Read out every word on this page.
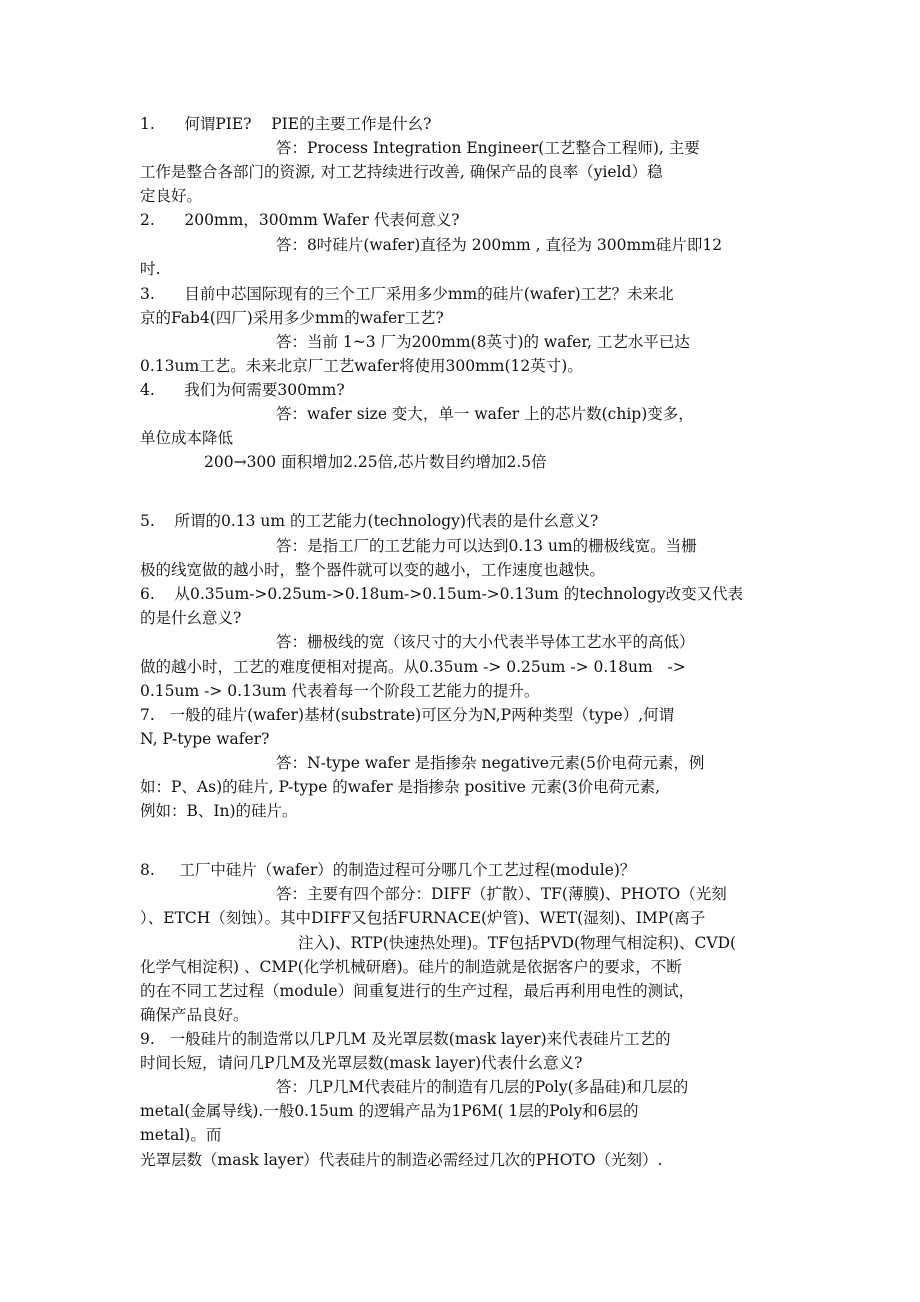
1.      何谓PIE?    PIE的主要工作是什幺?
答：Process Integration Engineer(工艺整合工程师), 主要
工作是整合各部门的资源, 对工艺持续进行改善, 确保产品的良率（yield）稳
定良好。
2.      200mm，300mm Wafer 代表何意义?
答：8吋硅片(wafer)直径为 200mm , 直径为 300mm硅片即12
吋.
3.      目前中芯国际现有的三个工厂采用多少mm的硅片(wafer)工艺？未来北
京的Fab4(四厂)采用多少mm的wafer工艺?
答：当前 1~3 厂为200mm(8英寸)的 wafer, 工艺水平已达
0.13um工艺。未来北京厂工艺wafer将使用300mm(12英寸)。
4.      我们为何需要300mm?
答：wafer size 变大，单一 wafer 上的芯片数(chip)变多，
单位成本降低
200→300 面积增加2.25倍,芯片数目约增加2.5倍
5.    所谓的0.13 um 的工艺能力(technology)代表的是什幺意义?
答：是指工厂的工艺能力可以达到0.13 um的栅极线宽。当栅
极的线宽做的越小时，整个器件就可以变的越小，工作速度也越快。
6.    从0.35um->0.25um->0.18um->0.15um->0.13um 的technology改变又代表
的是什幺意义?
答：栅极线的宽（该尺寸的大小代表半导体工艺水平的高低）
做的越小时，工艺的难度便相对提高。从0.35um -> 0.25um -> 0.18um   ->
0.15um -> 0.13um 代表着每一个阶段工艺能力的提升。
7.   一般的硅片(wafer)基材(substrate)可区分为N,P两种类型（type）,何谓
N, P-type wafer?
答：N-type wafer 是指掺杂 negative元素(5价电荷元素，例
如：P、As)的硅片, P-type 的wafer 是指掺杂 positive 元素(3价电荷元素,
例如：B、In)的硅片。
8.     工厂中硅片（wafer）的制造过程可分哪几个工艺过程(module)？
答：主要有四个部分：DIFF（扩散）、TF(薄膜)、PHOTO（光刻
）、ETCH（刻蚀）。其中DIFF又包括FURNACE(炉管)、WET(湿刻)、IMP(离子
注入)、RTP(快速热处理)。TF包括PVD(物理气相淀积)、CVD(
化学气相淀积) 、CMP(化学机械研磨)。硅片的制造就是依据客户的要求，不断
的在不同工艺过程（module）间重复进行的生产过程，最后再利用电性的测试，
确保产品良好。
9.   一般硅片的制造常以几P几M 及光罩层数(mask layer)来代表硅片工艺的
时间长短，请问几P几M及光罩层数(mask layer)代表什幺意义?
答：几P几M代表硅片的制造有几层的Poly(多晶硅)和几层的
metal(金属导线).一般0.15um 的逻辑产品为1P6M( 1层的Poly和6层的
metal)。而
光罩层数（mask layer）代表硅片的制造必需经过几次的PHOTO（光刻）.
